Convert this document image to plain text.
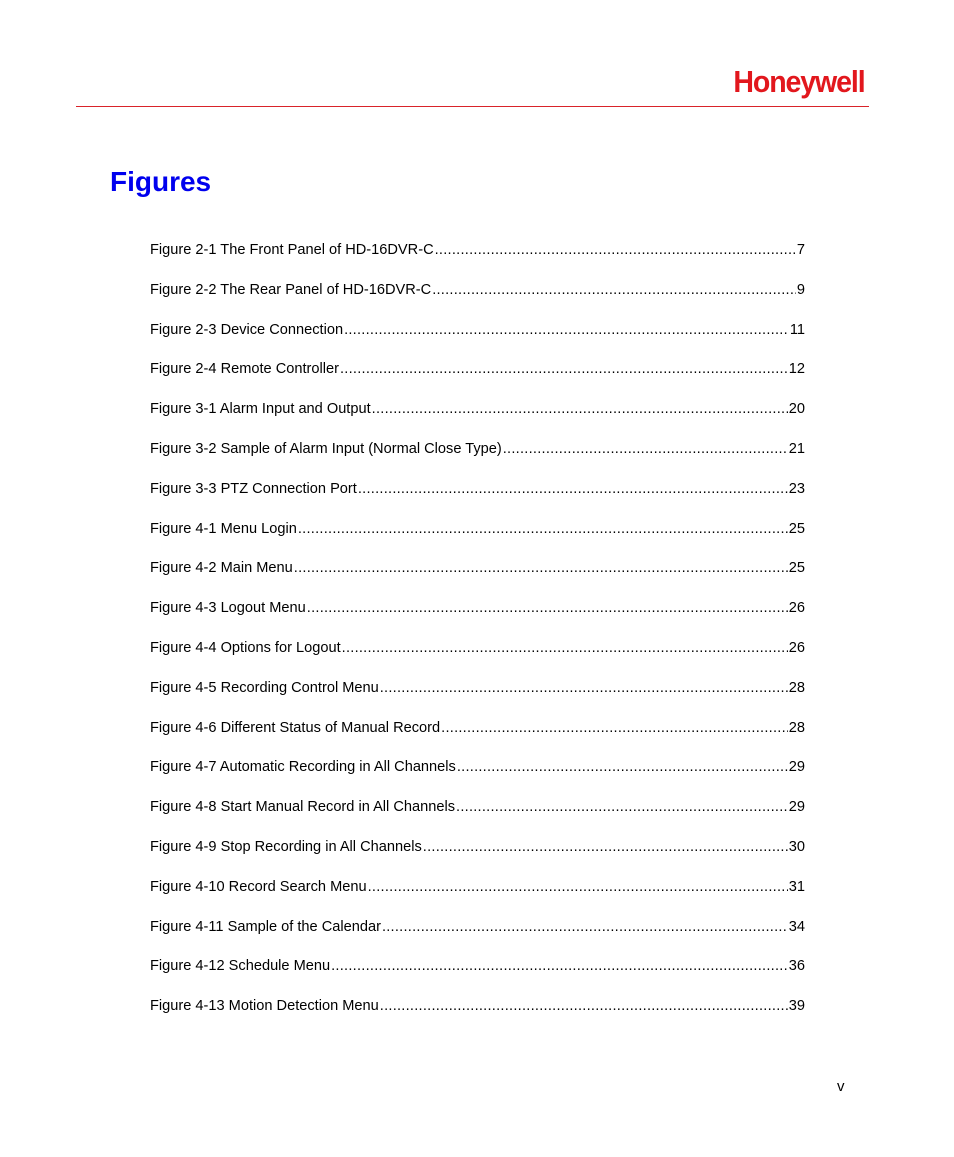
Honeywell
Figures
Figure 2-1 The Front Panel of HD-16DVR-C . . .	7
Figure 2-2 The Rear Panel of HD-16DVR-C . . .	9
Figure 2-3 Device Connection . . .	11
Figure 2-4 Remote Controller . . .	12
Figure 3-1 Alarm Input and Output . . .	20
Figure 3-2 Sample of Alarm Input (Normal Close Type) . . .	21
Figure 3-3 PTZ Connection Port . . .	23
Figure 4-1 Menu Login . . .	25
Figure 4-2 Main Menu . . .	25
Figure 4-3 Logout Menu . . .	26
Figure 4-4 Options for Logout . . .	26
Figure 4-5 Recording Control Menu . . .	28
Figure 4-6 Different Status of Manual Record . . .	28
Figure 4-7 Automatic Recording in All Channels . . .	29
Figure 4-8 Start Manual Record in All Channels . . .	29
Figure 4-9 Stop Recording in All Channels . . .	30
Figure 4-10 Record Search Menu . . .	31
Figure 4-11 Sample of the Calendar . . .	34
Figure 4-12 Schedule Menu . . .	36
Figure 4-13 Motion Detection Menu . . .	39
v
